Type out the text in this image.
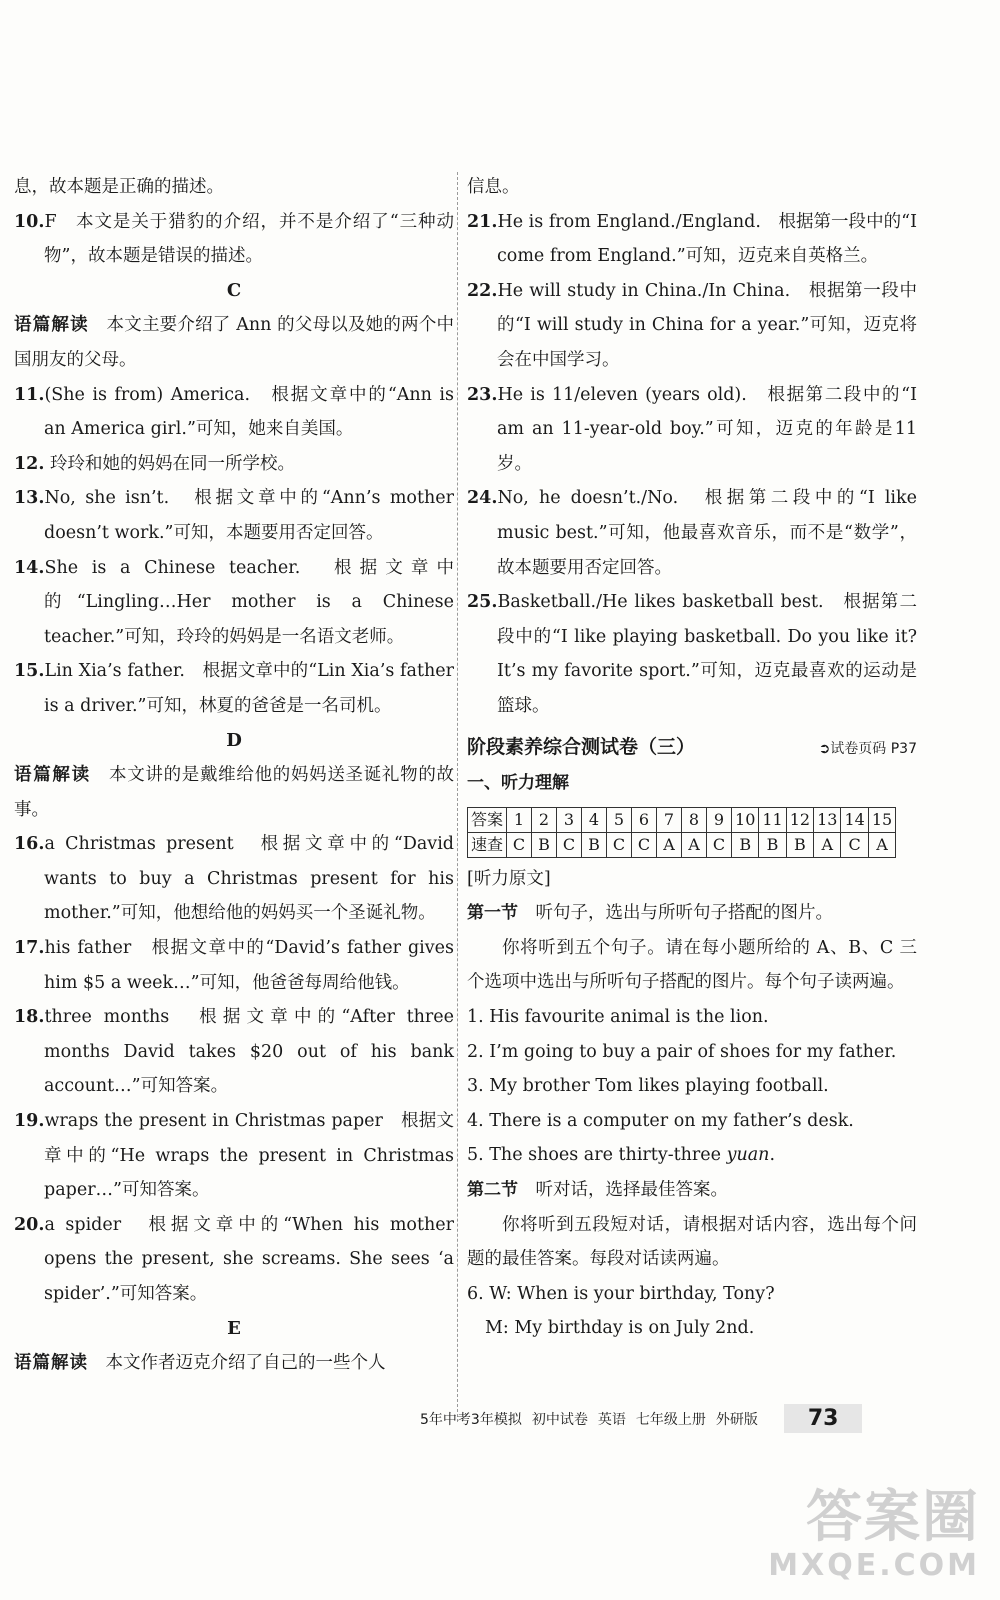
息，故本题是正确的描述。

10.F　本文是关于猎豹的介绍，并不是介绍了“三种动物”，故本题是错误的描述。

C

语篇解读　 本文主要介绍了 Ann 的父母以及她的两个中国朋友的父母。

11.(She is from) America.　根据文章中的“Ann is an America girl.”可知，她来自美国。

12. 玲玲和她的妈妈在同一所学校。

13.No, she isn’t.　根据文章中的“Ann’s mother doesn’t work.”可知，本题要用否定回答。

14.She is a Chinese teacher.　根据文章中的“Lingling…Her mother is a Chinese teacher.”可知，玲玲的妈妈是一名语文老师。

15.Lin Xia’s father.　根据文章中的“Lin Xia’s father is a driver.”可知，林夏的爸爸是一名司机。

D

语篇解读　 本文讲的是戴维给他的妈妈送圣诞礼物的故事。

16.a Christmas present　根据文章中的“David wants to buy a Christmas present for his mother.”可知，他想给他的妈妈买一个圣诞礼物。

17.his father　根据文章中的“David’s father gives him $5 a week…”可知，他爸爸每周给他钱。

18.three months　根据文章中的“After three months David takes $20 out of his bank account…”可知答案。

19.wraps the present in Christmas paper　根据文章中的“He wraps the present in Christmas paper…”可知答案。

20.a spider　根据文章中的“When his mother opens the present, she screams. She sees ‘a spider’.”可知答案。

E

语篇解读　 本文作者迈克介绍了自己的一些个人

信息。

21.He is from England./England.　根据第一段中的“I come from England.”可知，迈克来自英格兰。

22.He will study in China./In China.　根据第一段中的“I will study in China for a year.”可知，迈克将会在中国学习。

23.He is 11/eleven (years old).　根据第二段中的“I am an 11-year-old boy.”可知，迈克的年龄是11岁。

24.No, he doesn’t./No.　根据第二段中的“I like music best.”可知，他最喜欢音乐，而不是“数学”，故本题要用否定回答。

25.Basketball./He likes basketball best.　根据第二段中的“I like playing basketball. Do you like it? It’s my favorite sport.”可知，迈克最喜欢的运动是篮球。

阶段素养综合测试卷（三）	➲试卷页码 P37

一、听力理解

答案	1	2	3	4	5	6	7	8	9	10	11	12	13	14	15
速查	C	B	C	B	C	C	A	A	C	B	B	B	A	C	A

[听力原文]

第一节　 听句子，选出与所听句子搭配的图片。

你将听到五个句子。请在每小题所给的 A、B、C 三个选项中选出与所听句子搭配的图片。每个句子读两遍。

1. His favourite animal is the lion.

2. I’m going to buy a pair of shoes for my father.

3. My brother Tom likes playing football.

4. There is a computer on my father’s desk.

5. The shoes are thirty-three yuan.

第二节　 听对话，选择最佳答案。

你将听到五段短对话，请根据对话内容，选出每个问题的最佳答案。每段对话读两遍。

6. W: When is your birthday, Tony?

M: My birthday is on July 2nd.

5年中考3年模拟 初中试卷 英语 七年级上册 外研版	73
答案圈
MXQE.COM
